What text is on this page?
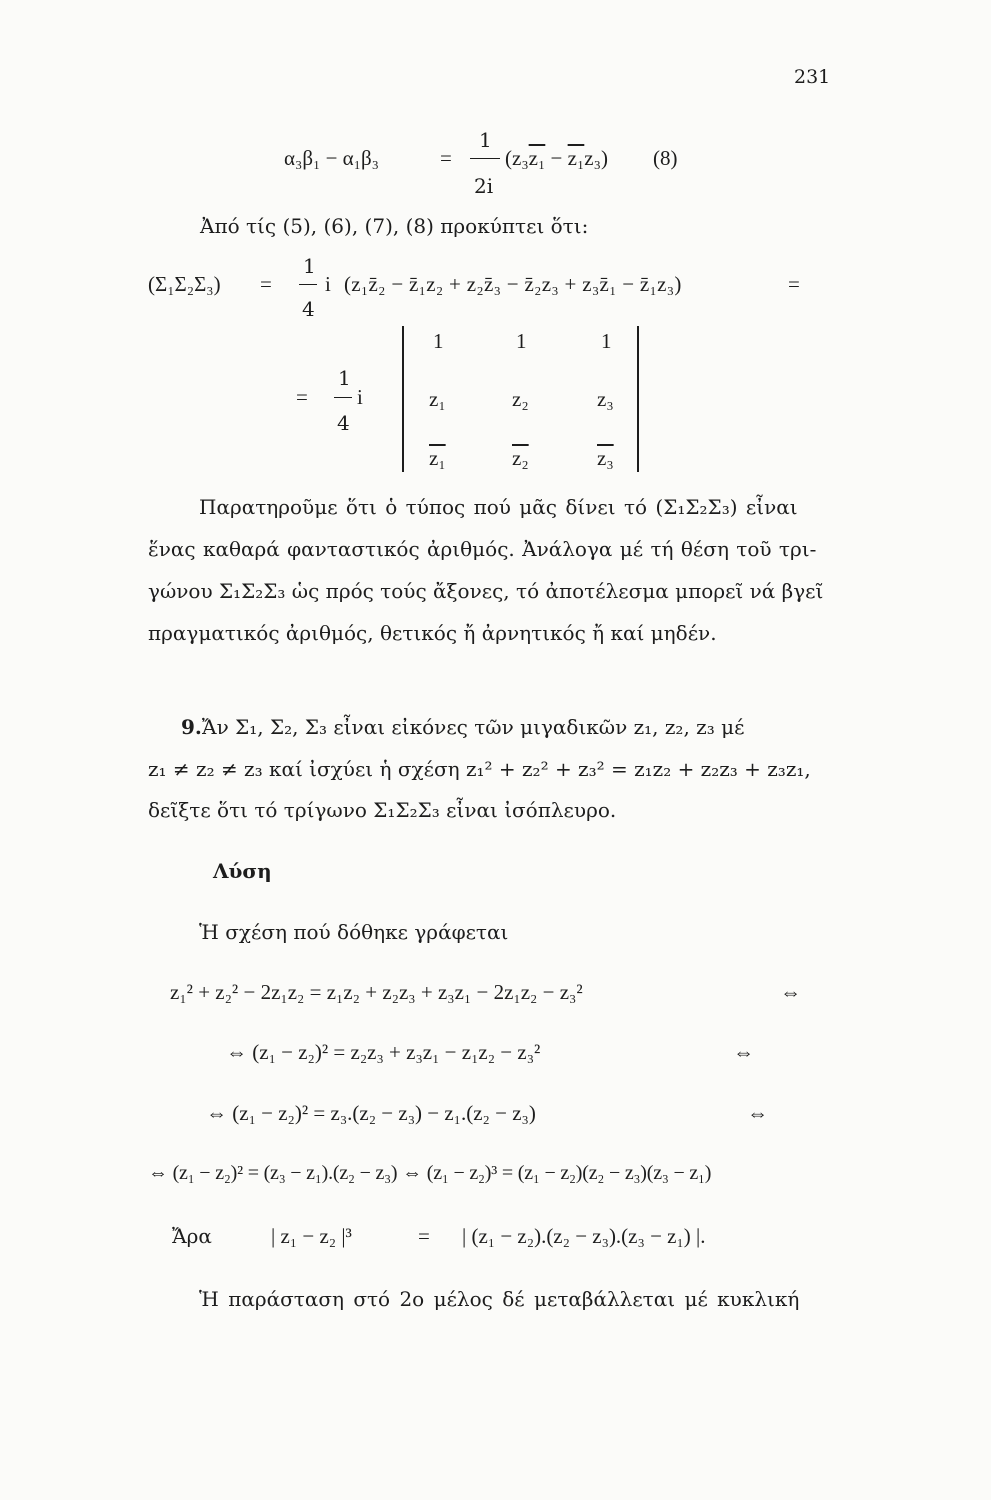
231
α₃β₁ − α₁β₃	=
1
2i
(z₃z₁ − z₁z₃) (8)
Ἀπό τίς (5), (6), (7), (8) προκύπτει ὅτι:
(Σ₁Σ₂Σ₃) =
1
4
i (z₁z̄₂ − z̄₁z₂ + z₂z̄₃ − z̄₂z₃ + z₃z̄₁ − z̄₁z₃)	=
=
1
4
i
1	1	1
z₁	z₂	z₃
z₁	z₂	z₃
Παρατηροῦμε ὅτι ὁ τύπος πού μᾶς δίνει τό (Σ₁Σ₂Σ₃) εἶναι
ἕνας καθαρά φανταστικός ἀριθμός. Ἀνάλογα μέ τή θέση τοῦ τρι-
γώνου Σ₁Σ₂Σ₃ ὡς πρός τούς ἄξονες, τό ἀποτέλεσμα μπορεῖ νά βγεῖ
πραγματικός ἀριθμός, θετικός ἤ ἀρνητικός ἤ καί μηδέν.
9.Ἄν Σ₁, Σ₂, Σ₃ εἶναι εἰκόνες τῶν μιγαδικῶν z₁, z₂, z₃ μέ
z₁ ≠ z₂ ≠ z₃ καί ἰσχύει ἡ σχέση z₁² + z₂² + z₃² = z₁z₂ + z₂z₃ + z₃z₁,
δεῖξτε ὅτι τό τρίγωνο Σ₁Σ₂Σ₃ εἶναι ἰσόπλευρο.
Λύση
Ἡ σχέση πού δόθηκε γράφεται
z₁² + z₂² − 2z₁z₂ = z₁z₂ + z₂z₃ + z₃z₁ − 2z₁z₂ − z₃²	⇔
⇔ (z₁ − z₂)² = z₂z₃ + z₃z₁ − z₁z₂ − z₃²	⇔
⇔ (z₁ − z₂)² = z₃.(z₂ − z₃) − z₁.(z₂ − z₃)	⇔
⇔ (z₁ − z₂)² = (z₃ − z₁).(z₂ − z₃) ⇔ (z₁ − z₂)³ = (z₁ − z₂)(z₂ − z₃)(z₃ − z₁)
Ἄρα	| z₁ − z₂ |³	= | (z₁ − z₂).(z₂ − z₃).(z₃ − z₁) |.
Ἡ παράσταση στό 2ο μέλος δέ μεταβάλλεται μέ κυκλική
